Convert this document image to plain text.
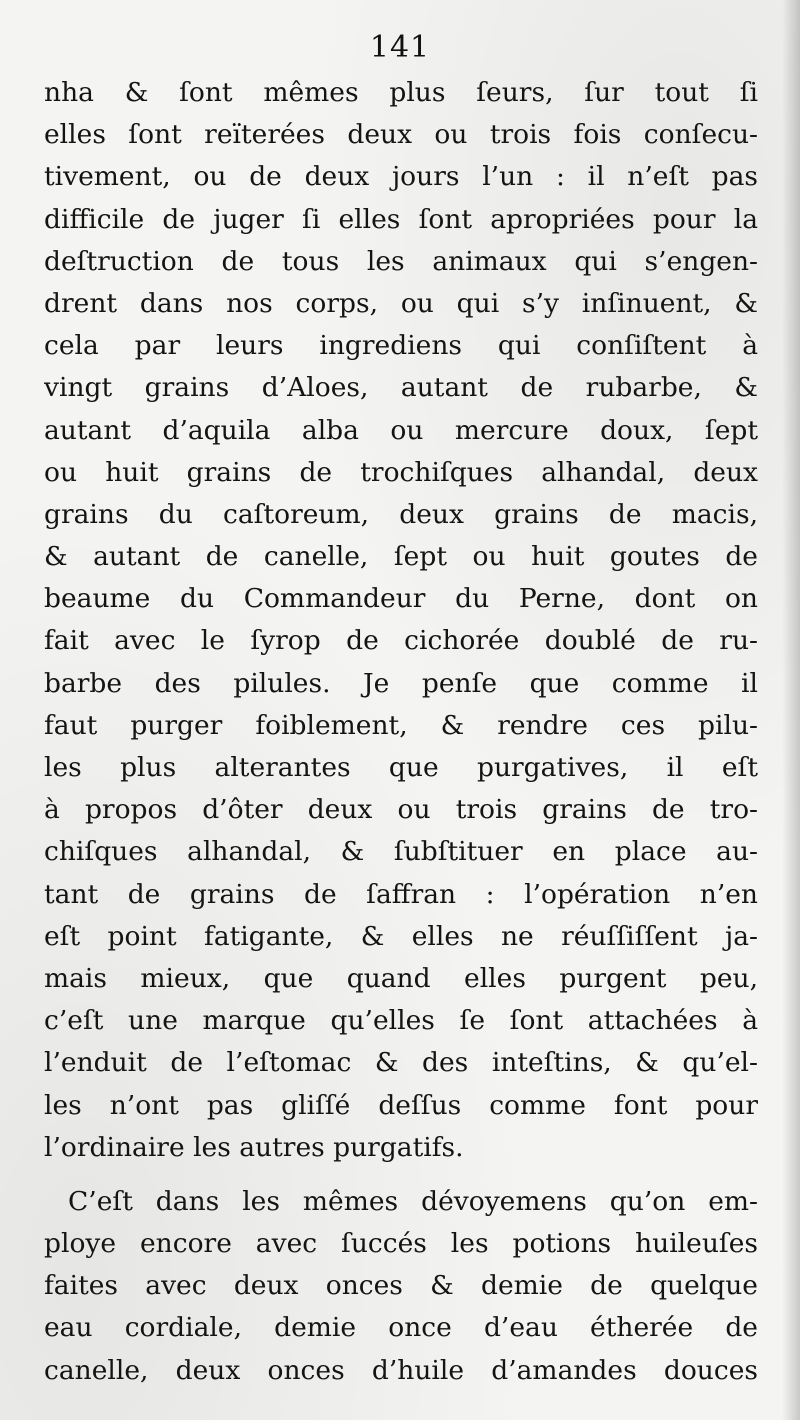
141
nha & ſont mêmes plus ſeurs, ſur tout ſi
elles ſont reïterées deux ou trois fois conſecu-
tivement, ou de deux jours l’un : il n’eſt pas
difficile de juger ſi elles ſont apropriées pour la
deſtruction de tous les animaux qui s’engen-
drent dans nos corps, ou qui s’y inſinuent, &
cela par leurs ingrediens qui conſiſtent à
vingt grains d’Aloes, autant de rubarbe, &
autant d’aquila alba ou mercure doux, ſept
ou huit grains de trochiſques alhandal, deux
grains du caſtoreum, deux grains de macis,
& autant de canelle, ſept ou huit goutes de
beaume du Commandeur du Perne, dont on
fait avec le ſyrop de cichorée doublé de ru-
barbe des pilules. Je penſe que comme il
faut purger foiblement, & rendre ces pilu-
les plus alterantes que purgatives, il eſt
à propos d’ôter deux ou trois grains de tro-
chiſques alhandal, & ſubſtituer en place au-
tant de grains de ſaffran : l’opération n’en
eſt point fatigante, & elles ne réuſſiſſent ja-
mais mieux, que quand elles purgent peu,
c’eſt une marque qu’elles ſe ſont attachées à
l’enduit de l’eſtomac & des inteſtins, & qu’el-
les n’ont pas gliſſé deſſus comme font pour
l’ordinaire les autres purgatifs.
C’eſt dans les mêmes dévoyemens qu’on em-
ploye encore avec ſuccés les potions huileuſes
faites avec deux onces & demie de quelque
eau cordiale, demie once d’eau étherée de
canelle, deux onces d’huile d’amandes douces
